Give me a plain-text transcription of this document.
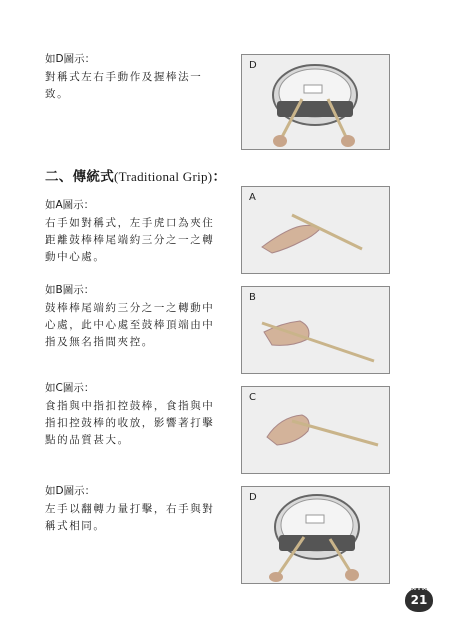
如D圖示：

對稱式左右手動作及握棒法一致。

D
二、傳統式(Traditional Grip)：

如A圖示：

右手如對稱式，左手虎口為夾住距離鼓棒棒尾端約三分之一之轉動中心處。

A

如B圖示：

鼓棒棒尾端約三分之一之轉動中心處，此中心處至鼓棒頂端由中指及無名指間夾控。

B

如C圖示：

食指與中指扣控鼓棒，食指與中指扣控鼓棒的收放，影響著打擊點的品質甚大。

C

如D圖示：

左手以翻轉力量打擊，右手與對稱式相同。

D
21
